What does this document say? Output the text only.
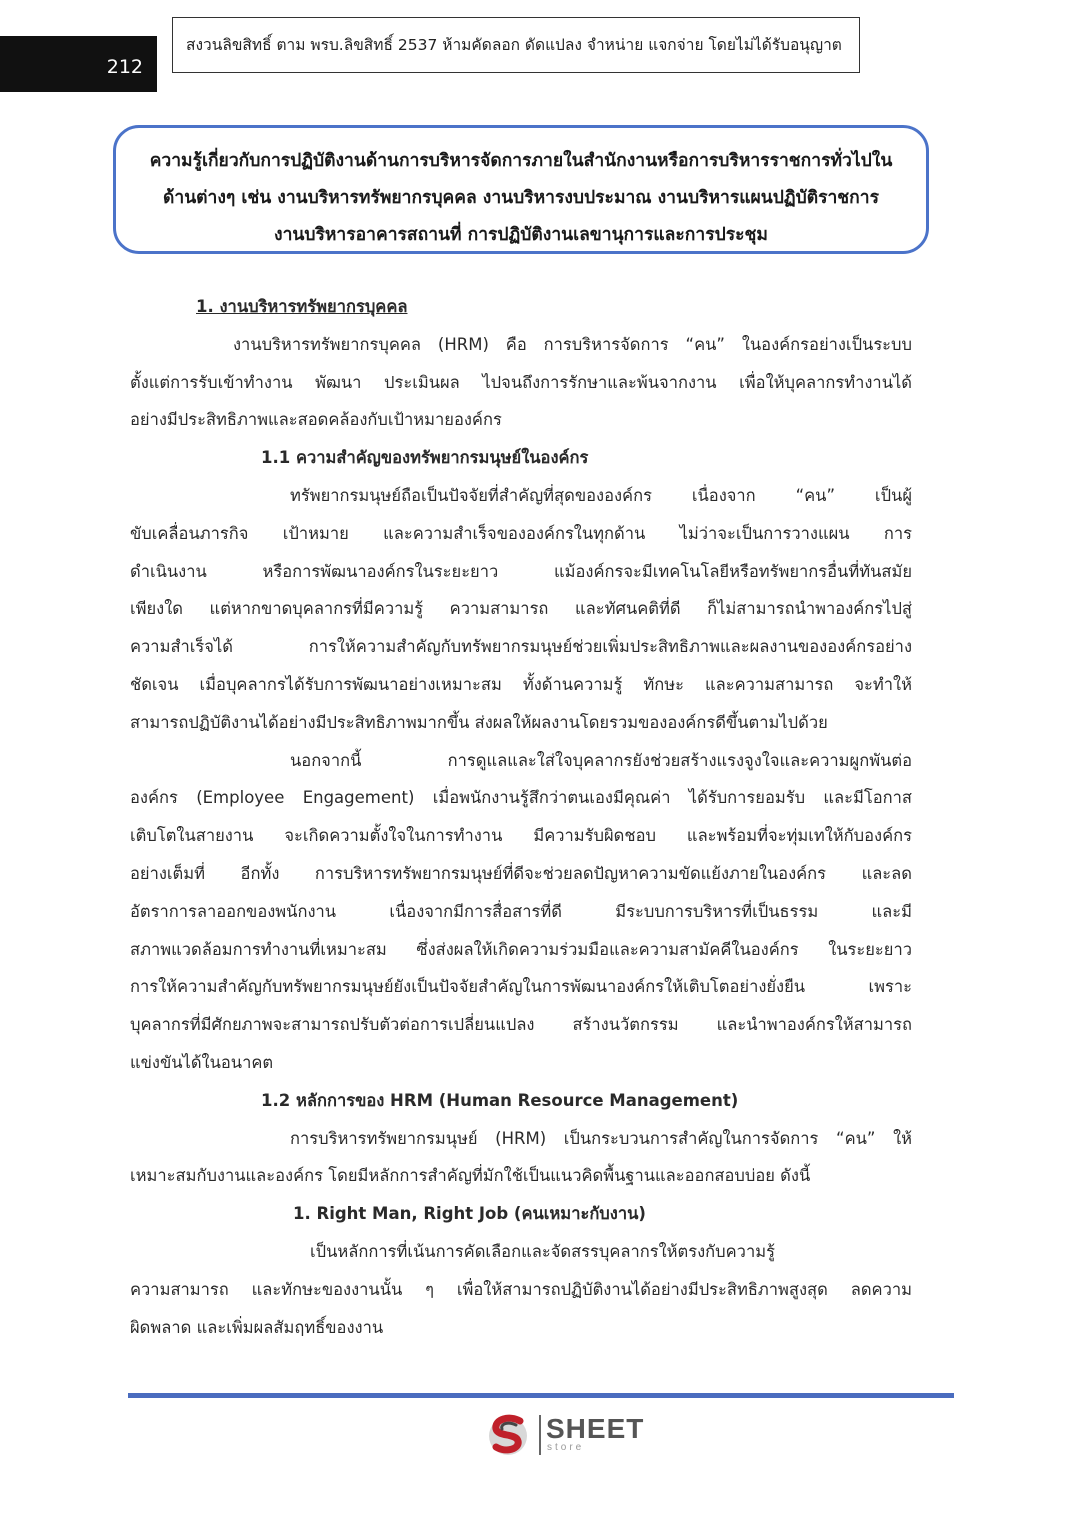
212
สงวนลิขสิทธิ์ ตาม พรบ.ลิขสิทธิ์ 2537 ห้ามคัดลอก ดัดแปลง จำหน่าย แจกจ่าย โดยไม่ได้รับอนุญาต
ความรู้เกี่ยวกับการปฏิบัติงานด้านการบริหารจัดการภายในสำนักงานหรือการบริหารราชการทั่วไปใน
ด้านต่างๆ เช่น งานบริหารทรัพยากรบุคคล งานบริหารงบประมาณ งานบริหารแผนปฏิบัติราชการ
งานบริหารอาคารสถานที่ การปฏิบัติงานเลขานุการและการประชุม
1. งานบริหารทรัพยากรบุคคล
งานบริหารทรัพยากรบุคคล (HRM) คือ การบริหารจัดการ “คน” ในองค์กรอย่างเป็นระบบ
ตั้งแต่การรับเข้าทำงาน พัฒนา ประเมินผล ไปจนถึงการรักษาและพ้นจากงาน เพื่อให้บุคลากรทำงานได้
อย่างมีประสิทธิภาพและสอดคล้องกับเป้าหมายองค์กร
1.1 ความสำคัญของทรัพยากรมนุษย์ในองค์กร
ทรัพยากรมนุษย์ถือเป็นปัจจัยที่สำคัญที่สุดขององค์กร เนื่องจาก “คน” เป็นผู้
ขับเคลื่อนภารกิจ เป้าหมาย และความสำเร็จขององค์กรในทุกด้าน ไม่ว่าจะเป็นการวางแผน การ
ดำเนินงาน หรือการพัฒนาองค์กรในระยะยาว แม้องค์กรจะมีเทคโนโลยีหรือทรัพยากรอื่นที่ทันสมัย
เพียงใด แต่หากขาดบุคลากรที่มีความรู้ ความสามารถ และทัศนคติที่ดี ก็ไม่สามารถนำพาองค์กรไปสู่
ความสำเร็จได้ การให้ความสำคัญกับทรัพยากรมนุษย์ช่วยเพิ่มประสิทธิภาพและผลงานขององค์กรอย่าง
ชัดเจน เมื่อบุคลากรได้รับการพัฒนาอย่างเหมาะสม ทั้งด้านความรู้ ทักษะ และความสามารถ จะทำให้
สามารถปฏิบัติงานได้อย่างมีประสิทธิภาพมากขึ้น ส่งผลให้ผลงานโดยรวมขององค์กรดีขึ้นตามไปด้วย
นอกจากนี้ การดูแลและใส่ใจบุคลากรยังช่วยสร้างแรงจูงใจและความผูกพันต่อ
องค์กร (Employee Engagement) เมื่อพนักงานรู้สึกว่าตนเองมีคุณค่า ได้รับการยอมรับ และมีโอกาส
เติบโตในสายงาน จะเกิดความตั้งใจในการทำงาน มีความรับผิดชอบ และพร้อมที่จะทุ่มเทให้กับองค์กร
อย่างเต็มที่ อีกทั้ง การบริหารทรัพยากรมนุษย์ที่ดีจะช่วยลดปัญหาความขัดแย้งภายในองค์กร และลด
อัตราการลาออกของพนักงาน เนื่องจากมีการสื่อสารที่ดี มีระบบการบริหารที่เป็นธรรม และมี
สภาพแวดล้อมการทำงานที่เหมาะสม ซึ่งส่งผลให้เกิดความร่วมมือและความสามัคคีในองค์กร ในระยะยาว
การให้ความสำคัญกับทรัพยากรมนุษย์ยังเป็นปัจจัยสำคัญในการพัฒนาองค์กรให้เติบโตอย่างยั่งยืน เพราะ
บุคลากรที่มีศักยภาพจะสามารถปรับตัวต่อการเปลี่ยนแปลง สร้างนวัตกรรม และนำพาองค์กรให้สามารถ
แข่งขันได้ในอนาคต
1.2 หลักการของ HRM (Human Resource Management)
การบริหารทรัพยากรมนุษย์ (HRM) เป็นกระบวนการสำคัญในการจัดการ “คน” ให้
เหมาะสมกับงานและองค์กร โดยมีหลักการสำคัญที่มักใช้เป็นแนวคิดพื้นฐานและออกสอบบ่อย ดังนี้
1. Right Man, Right Job (คนเหมาะกับงาน)
เป็นหลักการที่เน้นการคัดเลือกและจัดสรรบุคลากรให้ตรงกับความรู้
ความสามารถ และทักษะของงานนั้น ๆ เพื่อให้สามารถปฏิบัติงานได้อย่างมีประสิทธิภาพสูงสุด ลดความ
ผิดพลาด และเพิ่มผลสัมฤทธิ์ของงาน
SHEET
store
